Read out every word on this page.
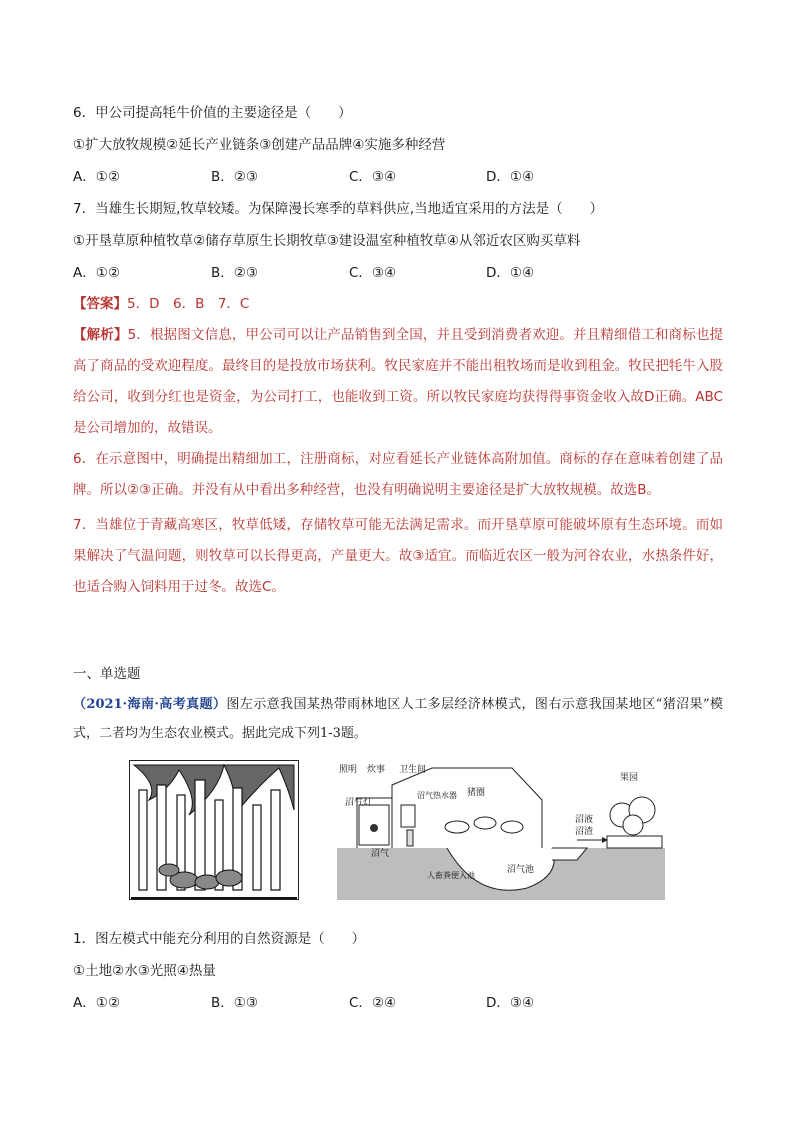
6．甲公司提高牦牛价值的主要途径是（　　）
①扩大放牧规模②延长产业链条③创建产品品牌④实施多种经营
A．①②	B．②③	C．③④	D．①④
7．当雄生长期短,牧草较矮。为保障漫长寒季的草料供应,当地适宜采用的方法是（　　）
①开垦草原种植牧草②储存草原生长期牧草③建设温室种植牧草④从邻近农区购买草料
A．①②	B．②③	C．③④	D．①④
【答案】5．D　6．B　7．C
【解析】5．根据图文信息，甲公司可以让产品销售到全国，并且受到消费者欢迎。并且精细借工和商标也提高了商品的受欢迎程度。最终目的是投放市场获利。牧民家庭并不能出租牧场而是收到租金。牧民把牦牛入股给公司，收到分红也是资金，为公司打工，也能收到工资。所以牧民家庭均获得得事资金收入故D正确。ABC是公司增加的，故错误。
6．在示意图中，明确提出精细加工，注册商标，对应看延长产业链体高附加值。商标的存在意味着创建了品牌。所以②③正确。并没有从中看出多种经营，也没有明确说明主要途径是扩大放牧规模。故选B。
7．当雄位于青藏高寒区，牧草低矮，存储牧草可能无法满足需求。而开垦草原可能破坏原有生态环境。而如果解决了气温问题，则牧草可以长得更高，产量更大。故③适宜。而临近农区一般为河谷农业，水热条件好，也适合购入饲料用于过冬。故选C。
一、单选题
（2021·海南·高考真题）图左示意我国某热带雨林地区人工多层经济林模式，图右示意我国某地区“猪沼果”模式，二者均为生态农业模式。据此完成下列1-3题。
照明 炊事 卫生间
沼气灯
沼气热水器 猪圈
果园
沼液
沼渣
沼气
沼气池
人畜粪便入池
1．图左模式中能充分利用的自然资源是（　　）
①土地②水③光照④热量
A．①②	B．①③	C．②④	D．③④
